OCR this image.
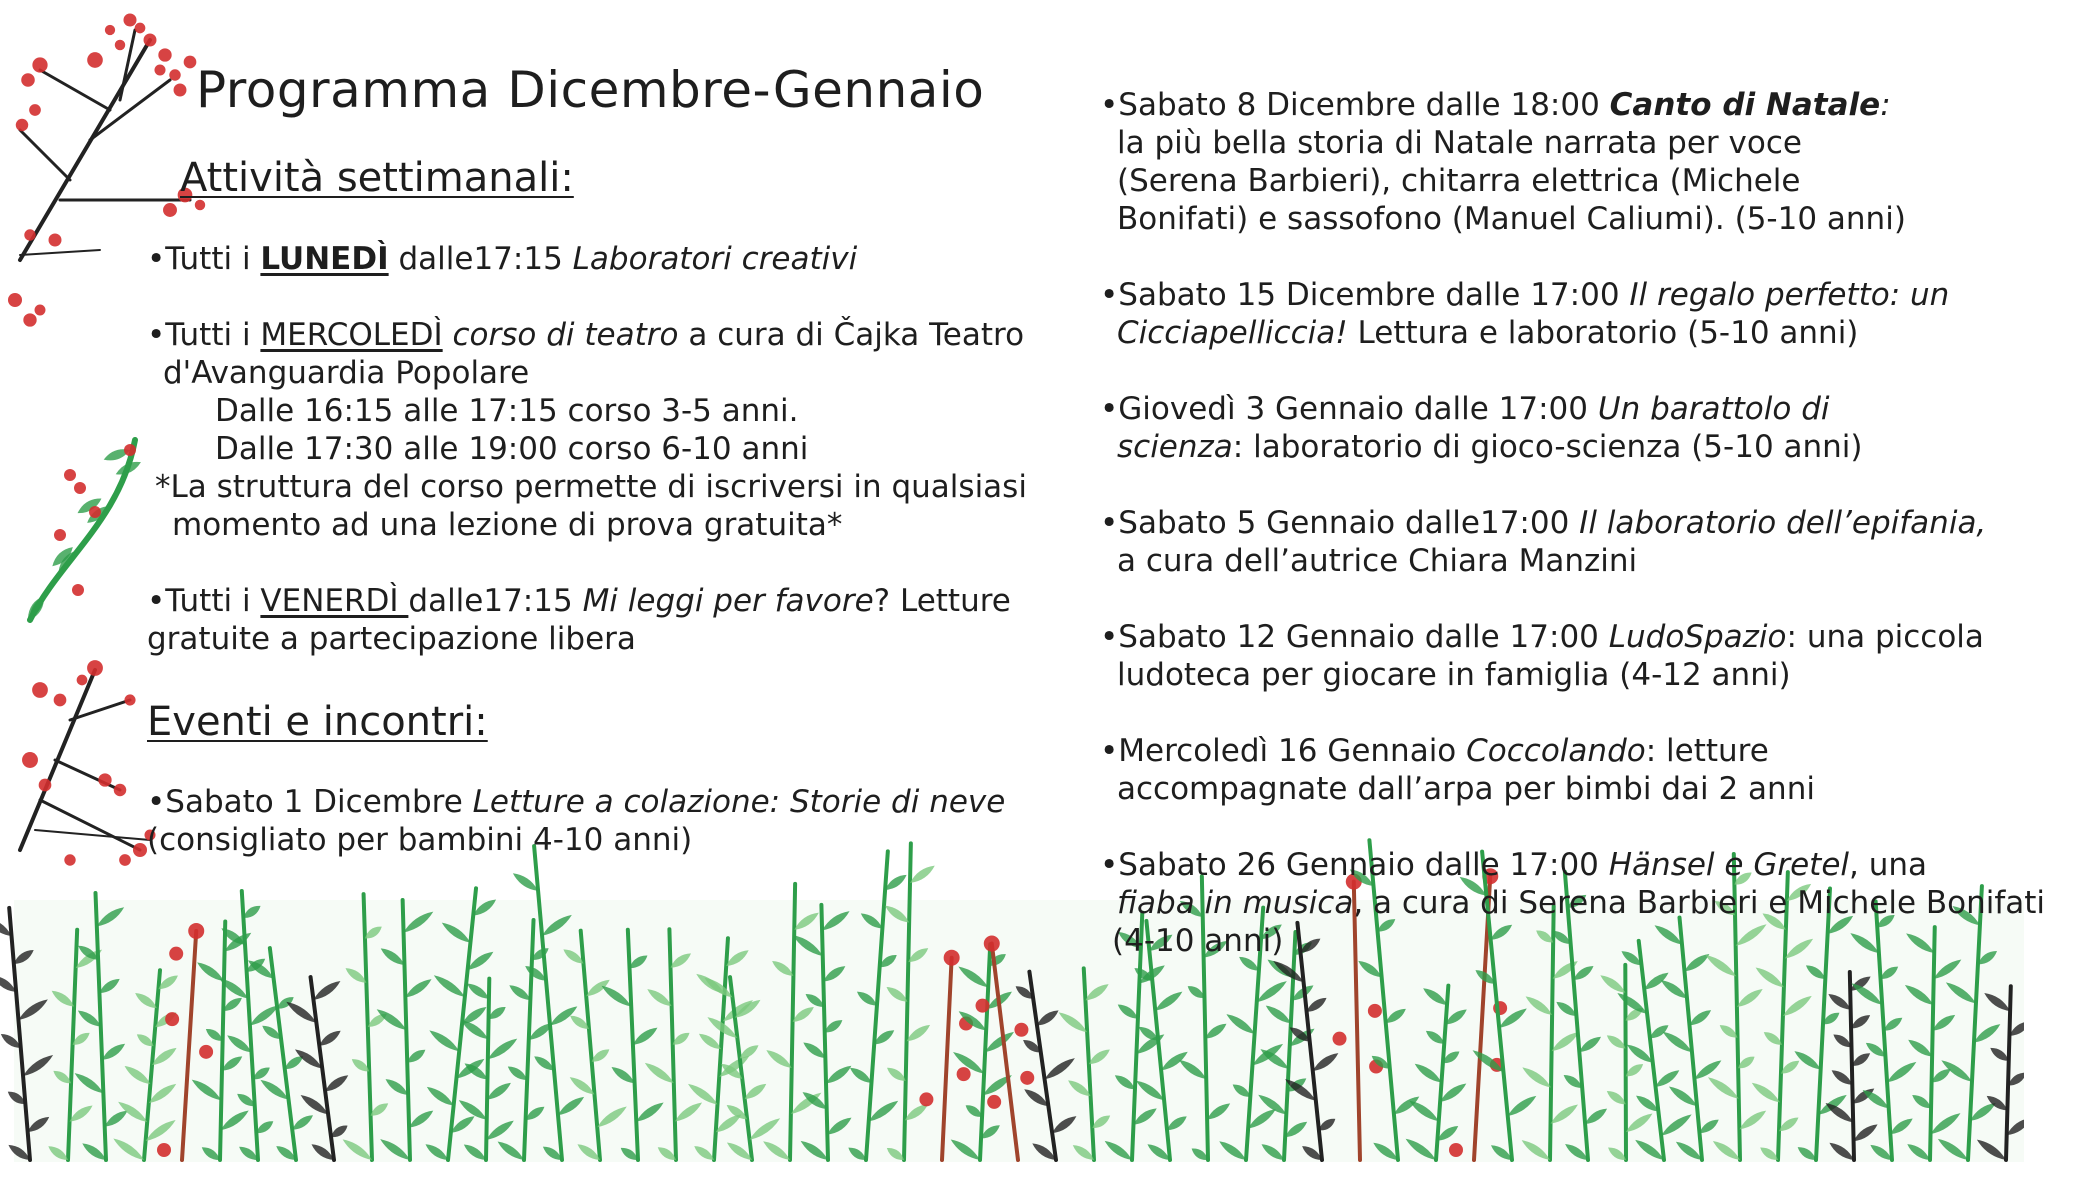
Programma Dicembre-Gennaio
Attività settimanali:
•Tutti i LUNEDÌ dalle17:15 Laboratori creativi
•Tutti i MERCOLEDÌ corso di teatro a cura di Čajka Teatro
d'Avanguardia Popolare
Dalle 16:15 alle 17:15 corso 3-5 anni.
Dalle 17:30 alle 19:00 corso 6-10 anni
*La struttura del corso permette di iscriversi in qualsiasi
momento ad una lezione di prova gratuita*
•Tutti i VENERDÌ dalle17:15 Mi leggi per favore? Letture
gratuite a partecipazione libera
Eventi e incontri:
•Sabato 1 Dicembre Letture a colazione: Storie di neve
(consigliato per bambini 4-10 anni)
•Sabato 8 Dicembre dalle 18:00 Canto di Natale:
la più bella storia di Natale narrata per voce
(Serena Barbieri), chitarra elettrica (Michele
Bonifati) e sassofono (Manuel Caliumi). (5-10 anni)
•Sabato 15 Dicembre dalle 17:00 Il regalo perfetto: un
Cicciapelliccia! Lettura e laboratorio (5-10 anni)
•Giovedì 3 Gennaio dalle 17:00 Un barattolo di
scienza: laboratorio di gioco-scienza (5-10 anni)
•Sabato 5 Gennaio dalle17:00 Il laboratorio dell’epifania,
a cura dell’autrice Chiara Manzini
•Sabato 12 Gennaio dalle 17:00 LudoSpazio: una piccola
ludoteca per giocare in famiglia (4-12 anni)
•Mercoledì 16 Gennaio Coccolando: letture
accompagnate dall’arpa per bimbi dai 2 anni
•Sabato 26 Gennaio dalle 17:00 Hänsel e Gretel, una
fiaba in musica, a cura di Serena Barbieri e Michele Bonifati
(4-10 anni)
